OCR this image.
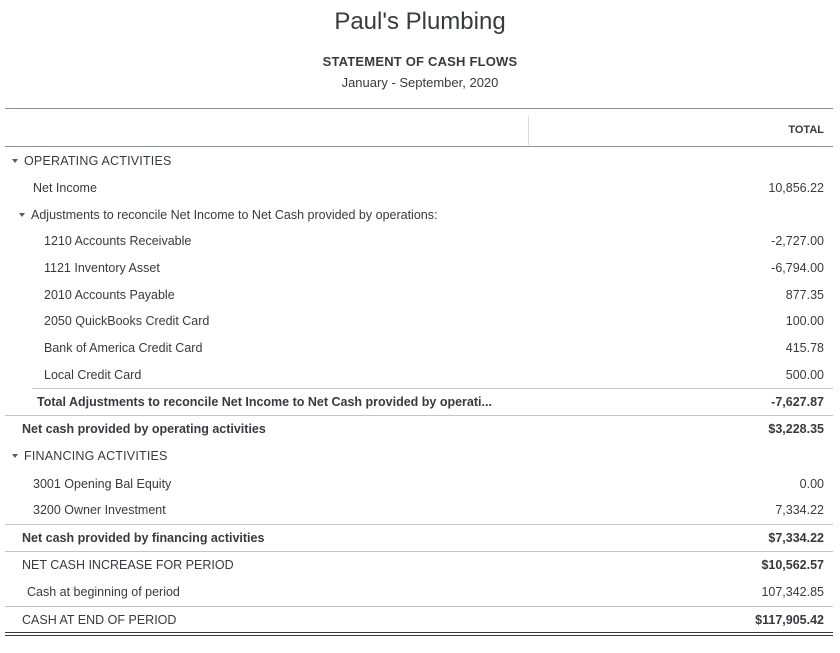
Paul's Plumbing
STATEMENT OF CASH FLOWS
January - September, 2020
TOTAL
OPERATING ACTIVITIES
Net Income	10,856.22
Adjustments to reconcile Net Income to Net Cash provided by operations:
1210 Accounts Receivable	-2,727.00
1121 Inventory Asset	-6,794.00
2010 Accounts Payable	877.35
2050 QuickBooks Credit Card	100.00
Bank of America Credit Card	415.78
Local Credit Card	500.00
Total Adjustments to reconcile Net Income to Net Cash provided by operati...	-7,627.87
Net cash provided by operating activities	$3,228.35
FINANCING ACTIVITIES
3001 Opening Bal Equity	0.00
3200 Owner Investment	7,334.22
Net cash provided by financing activities	$7,334.22
NET CASH INCREASE FOR PERIOD	$10,562.57
Cash at beginning of period	107,342.85
CASH AT END OF PERIOD	$117,905.42
